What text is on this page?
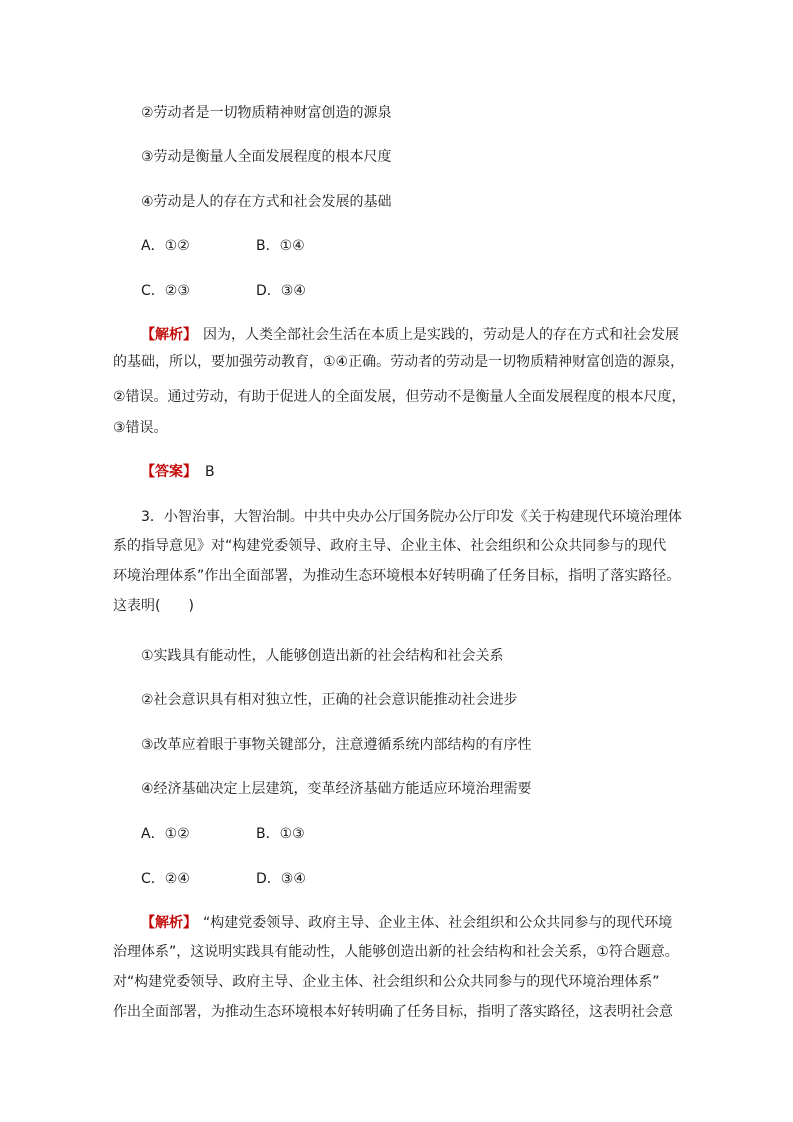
②劳动者是一切物质精神财富创造的源泉
③劳动是衡量人全面发展程度的根本尺度
④劳动是人的存在方式和社会发展的基础
A．①②	B．①④
C．②③	D．③④
【解析】 因为，人类全部社会生活在本质上是实践的，劳动是人的存在方式和社会发展
的基础，所以，要加强劳动教育，①④正确。劳动者的劳动是一切物质精神财富创造的源泉，
②错误。通过劳动，有助于促进人的全面发展，但劳动不是衡量人全面发展程度的根本尺度，
③错误。
【答案】 B
3．小智治事，大智治制。中共中央办公厅国务院办公厅印发《关于构建现代环境治理体
系的指导意见》对“构建党委领导、政府主导、企业主体、社会组织和公众共同参与的现代
环境治理体系”作出全面部署，为推动生态环境根本好转明确了任务目标，指明了落实路径。
这表明(　　)
①实践具有能动性，人能够创造出新的社会结构和社会关系
②社会意识具有相对独立性，正确的社会意识能推动社会进步
③改革应着眼于事物关键部分，注意遵循系统内部结构的有序性
④经济基础决定上层建筑，变革经济基础方能适应环境治理需要
A．①②	B．①③
C．②④	D．③④
【解析】 “构建党委领导、政府主导、企业主体、社会组织和公众共同参与的现代环境
治理体系”，这说明实践具有能动性，人能够创造出新的社会结构和社会关系，①符合题意。
对“构建党委领导、政府主导、企业主体、社会组织和公众共同参与的现代环境治理体系”
作出全面部署，为推动生态环境根本好转明确了任务目标，指明了落实路径，这表明社会意
